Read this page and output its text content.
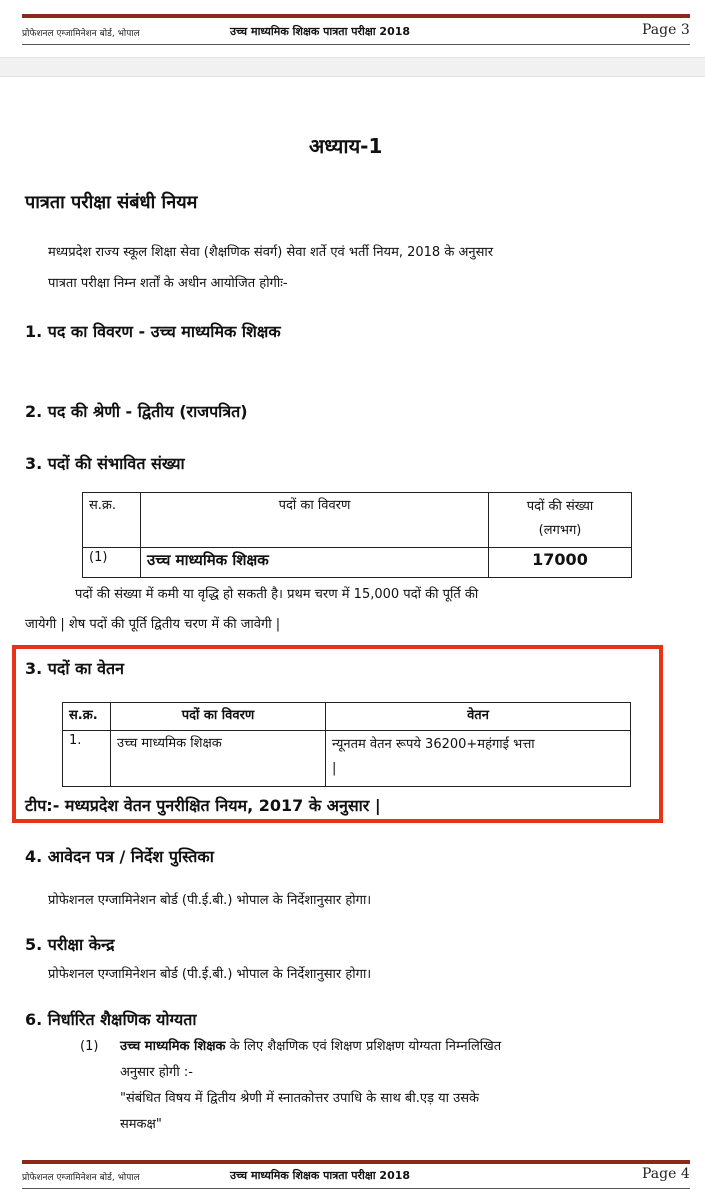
प्रोफेशनल एग्जामिनेशन बोर्ड, भोपाल	उच्च माध्यमिक शिक्षक पात्रता परीक्षा 2018	Page 3
अध्याय-1
पात्रता परीक्षा संबंधी नियम
मध्यप्रदेश राज्य स्कूल शिक्षा सेवा (शैक्षणिक संवर्ग) सेवा शर्ते एवं भर्ती नियम, 2018 के अनुसार
पात्रता परीक्षा निम्न शर्तों के अधीन आयोजित होगीः-
1. पद का विवरण - उच्च माध्यमिक शिक्षक
2. पद की श्रेणी - द्वितीय (राजपत्रित)
3. पदों की संभावित संख्या
स.क्र.	पदों का विवरण	पदों की संख्या
(लगभग)

(1)	उच्च माध्यमिक शिक्षक	17000
पदों की संख्या में कमी या वृद्धि हो सकती है। प्रथम चरण में 15,000 पदों की पूर्ति की
जायेगी | शेष पदों की पूर्ति द्वितीय चरण में की जावेगी |
3. पदों का वेतन
स.क्र.	पदों का विवरण	वेतन
1.	उच्च माध्यमिक शिक्षक	न्यूनतम वेतन रूपये 36200+महंगाई भत्ता
|
टीप:- मध्यप्रदेश वेतन पुनरीक्षित नियम, 2017 के अनुसार |
4. आवेदन पत्र / निर्देश पुस्तिका
प्रोफेशनल एग्जामिनेशन बोर्ड (पी.ई.बी.) भोपाल के निर्देशानुसार होगा।
5. परीक्षा केन्द्र
प्रोफेशनल एग्जामिनेशन बोर्ड (पी.ई.बी.) भोपाल के निर्देशानुसार होगा।
6. निर्धारित शैक्षणिक योग्यता
(1) उच्च माध्यमिक शिक्षक के लिए शैक्षणिक एवं शिक्षण प्रशिक्षण योग्यता निम्नलिखित
अनुसार होगी :-
"संबंधित विषय में द्वितीय श्रेणी में स्नातकोत्तर उपाधि के साथ बी.एड़ या उसके
समकक्ष"
प्रोफेशनल एग्जामिनेशन बोर्ड, भोपाल	उच्च माध्यमिक शिक्षक पात्रता परीक्षा 2018	Page 4
